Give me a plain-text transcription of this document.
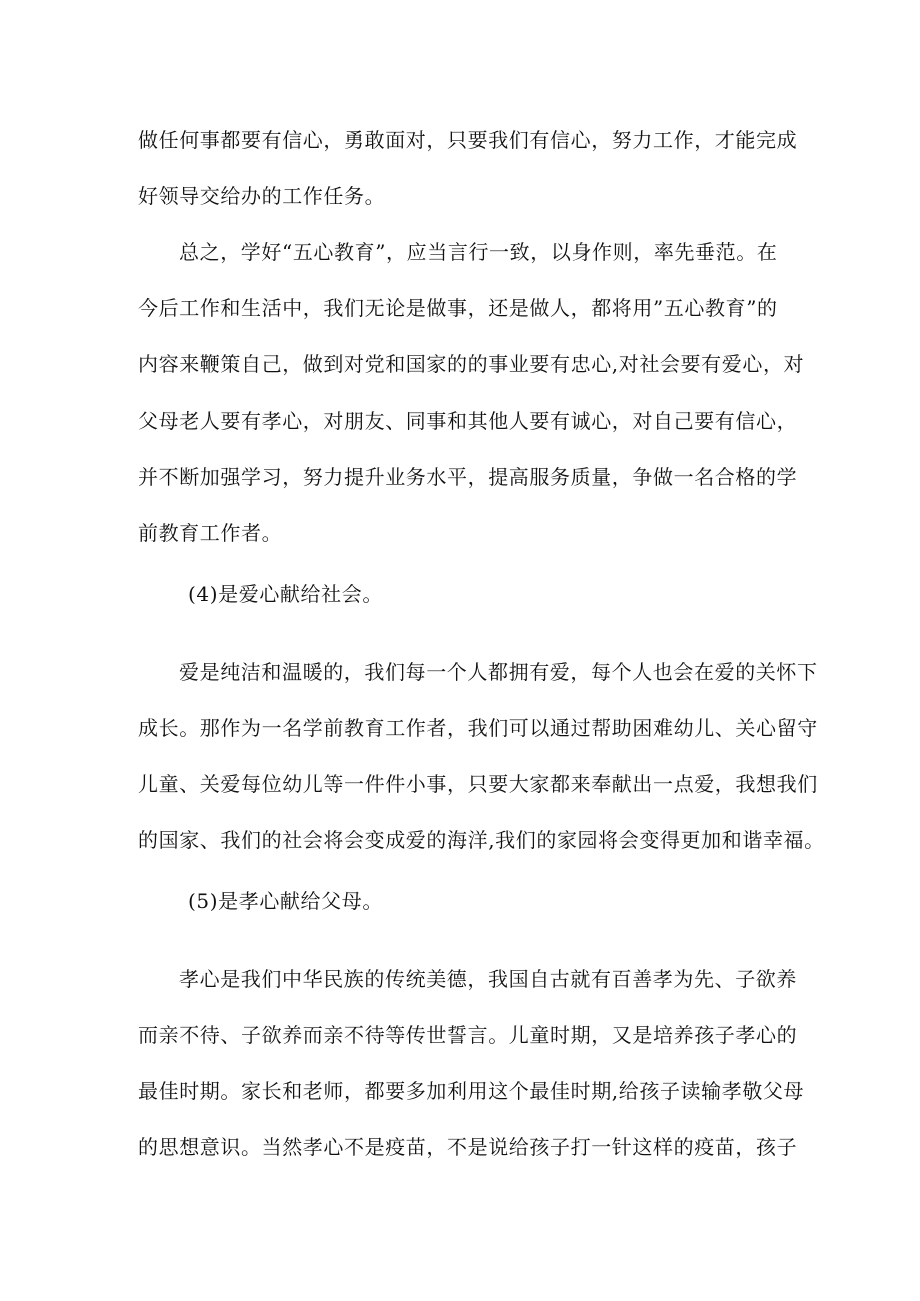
做任何事都要有信心，勇敢面对，只要我们有信心，努力工作，才能完成
好领导交给办的工作任务。
总之，学好“五心教育”，应当言行一致，以身作则，率先垂范。在
今后工作和生活中，我们无论是做事，还是做人，都将用”五心教育”的
内容来鞭策自己，做到对党和国家的的事业要有忠心,对社会要有爱心，对
父母老人要有孝心，对朋友、同事和其他人要有诚心，对自己要有信心，
并不断加强学习，努力提升业务水平，提高服务质量，争做一名合格的学
前教育工作者。
(4)是爱心献给社会。
爱是纯洁和温暖的，我们每一个人都拥有爱，每个人也会在爱的关怀下
成长。那作为一名学前教育工作者，我们可以通过帮助困难幼儿、关心留守
儿童、关爱每位幼儿等一件件小事，只要大家都来奉献出一点爱，我想我们
的国家、我们的社会将会变成爱的海洋,我们的家园将会变得更加和谐幸福。
(5)是孝心献给父母。
孝心是我们中华民族的传统美德，我国自古就有百善孝为先、子欲养
而亲不待、子欲养而亲不待等传世誓言。儿童时期，又是培养孩子孝心的
最佳时期。家长和老师，都要多加利用这个最佳时期,给孩子读输孝敬父母
的思想意识。当然孝心不是疫苗，不是说给孩子打一针这样的疫苗，孩子
